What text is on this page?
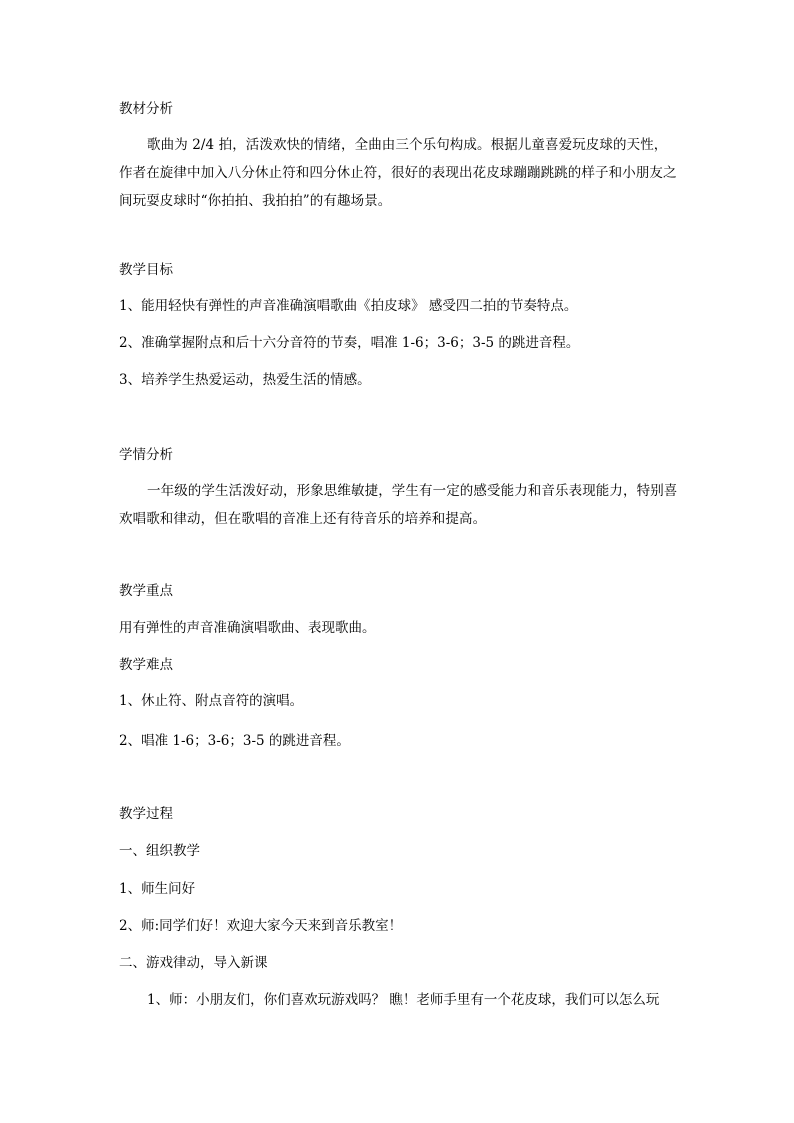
教材分析
歌曲为 2/4 拍，活泼欢快的情绪，全曲由三个乐句构成。根据儿童喜爱玩皮球的天性，作者在旋律中加入八分休止符和四分休止符，很好的表现出花皮球蹦蹦跳跳的样子和小朋友之间玩耍皮球时“你拍拍、我拍拍”的有趣场景。
教学目标
1、能用轻快有弹性的声音准确演唱歌曲《拍皮球》 感受四二拍的节奏特点。
2、准确掌握附点和后十六分音符的节奏，唱准 1-6；3-6；3-5 的跳进音程。
3、培养学生热爱运动，热爱生活的情感。
学情分析
一年级的学生活泼好动，形象思维敏捷，学生有一定的感受能力和音乐表现能力，特别喜欢唱歌和律动，但在歌唱的音准上还有待音乐的培养和提高。
教学重点
用有弹性的声音准确演唱歌曲、表现歌曲。
教学难点
1、休止符、附点音符的演唱。
2、唱准 1-6；3-6；3-5 的跳进音程。
教学过程
一、组织教学
1、师生问好
2、师:同学们好！欢迎大家今天来到音乐教室！
二、游戏律动，导入新课
1、师：小朋友们，你们喜欢玩游戏吗？ 瞧！老师手里有一个花皮球，我们可以怎么玩
